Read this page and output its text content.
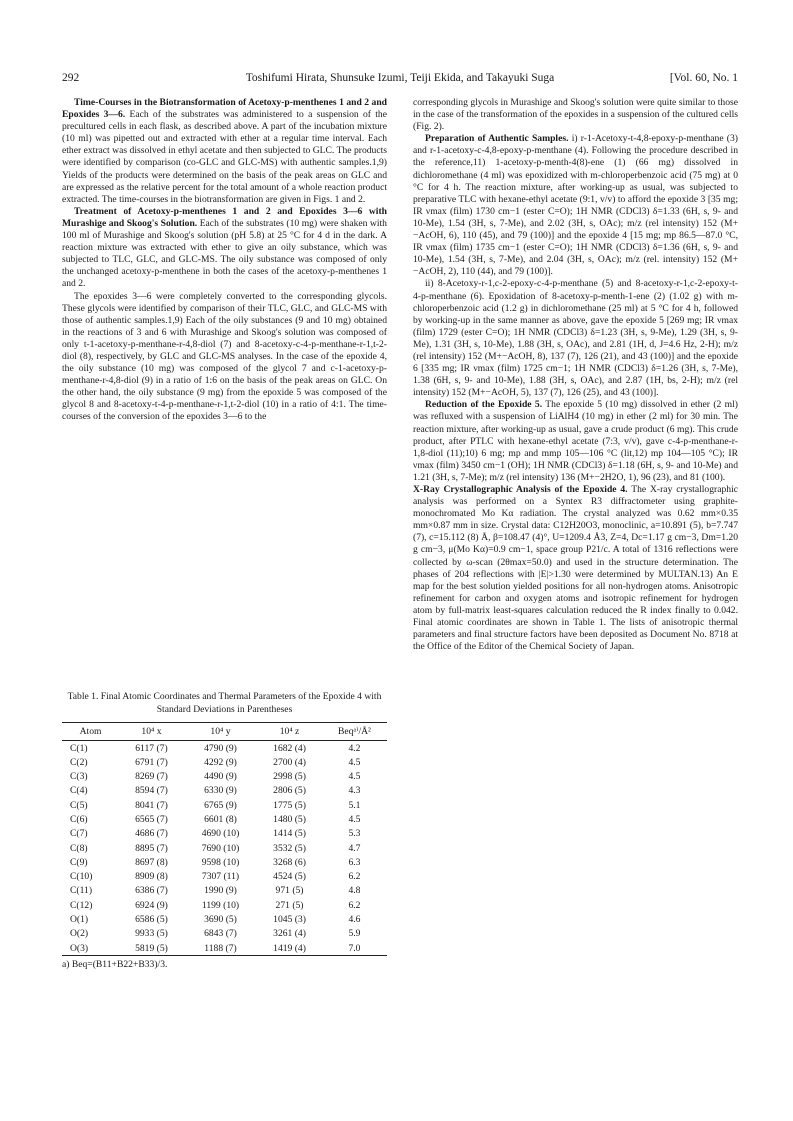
292	Toshifumi Hirata, Shunsuke Izumi, Teiji Ekida, and Takayuki Suga	[Vol. 60, No. 1

Time-Courses in the Biotransformation of Acetoxy-p-menthenes 1 and 2 and Epoxides 3—6. Each of the substrates was administered to a suspension of the precultured cells in each flask, as described above. A part of the incubation mixture (10 ml) was pipetted out and extracted with ether at a regular time interval. Each ether extract was dissolved in ethyl acetate and then subjected to GLC. The products were identified by comparison (co-GLC and GLC-MS) with authentic samples.1,9) Yields of the products were determined on the basis of the peak areas on GLC and are expressed as the relative percent for the total amount of a whole reaction product extracted. The time-courses in the biotransformation are given in Figs. 1 and 2.

Treatment of Acetoxy-p-menthenes 1 and 2 and Epoxides 3—6 with Murashige and Skoog's Solution. Each of the substrates (10 mg) were shaken with 100 ml of Murashige and Skoog's solution (pH 5.8) at 25 °C for 4 d in the dark. A reaction mixture was extracted with ether to give an oily substance, which was subjected to TLC, GLC, and GLC-MS. The oily substance was composed of only the unchanged acetoxy-p-menthene in both the cases of the acetoxy-p-menthenes 1 and 2.

The epoxides 3—6 were completely converted to the corresponding glycols. These glycols were identified by comparison of their TLC, GLC, and GLC-MS with those of authentic samples.1,9) Each of the oily substances (9 and 10 mg) obtained in the reactions of 3 and 6 with Murashige and Skoog's solution was composed of only t-1-acetoxy-p-menthane-r-4,8-diol (7) and 8-acetoxy-c-4-p-menthane-r-1,t-2-diol (8), respectively, by GLC and GLC-MS analyses. In the case of the epoxide 4, the oily substance (10 mg) was composed of the glycol 7 and c-1-acetoxy-p-menthane-r-4,8-diol (9) in a ratio of 1:6 on the basis of the peak areas on GLC. On the other hand, the oily substance (9 mg) from the epoxide 5 was composed of the glycol 8 and 8-acetoxy-t-4-p-menthane-r-1,t-2-diol (10) in a ratio of 4:1. The time-courses of the conversion of the epoxides 3—6 to the

corresponding glycols in Murashige and Skoog's solution were quite similar to those in the case of the transformation of the epoxides in a suspension of the cultured cells (Fig. 2).

Preparation of Authentic Samples. i) r-1-Acetoxy-t-4,8-epoxy-p-menthane (3) and r-1-acetoxy-c-4,8-epoxy-p-menthane (4). Following the procedure described in the reference,11) 1-acetoxy-p-menth-4(8)-ene (1) (66 mg) dissolved in dichloromethane (4 ml) was epoxidized with m-chloroperbenzoic acid (75 mg) at 0 °C for 4 h. The reaction mixture, after working-up as usual, was subjected to preparative TLC with hexane-ethyl acetate (9:1, v/v) to afford the epoxide 3 [35 mg; IR νmax (film) 1730 cm−1 (ester C=O); 1H NMR (CDCl3) δ=1.33 (6H, s, 9- and 10-Me), 1.54 (3H, s, 7-Me), and 2.02 (3H, s, OAc); m/z (rel intensity) 152 (M+−AcOH, 6), 110 (45), and 79 (100)] and the epoxide 4 [15 mg; mp 86.5—87.0 °C, IR νmax (film) 1735 cm−1 (ester C=O); 1H NMR (CDCl3) δ=1.36 (6H, s, 9- and 10-Me), 1.54 (3H, s, 7-Me), and 2.04 (3H, s, OAc); m/z (rel. intensity) 152 (M+−AcOH, 2), 110 (44), and 79 (100)].

ii) 8-Acetoxy-r-1,c-2-epoxy-c-4-p-menthane (5) and 8-acetoxy-r-1,c-2-epoxy-t-4-p-menthane (6). Epoxidation of 8-acetoxy-p-menth-1-ene (2) (1.02 g) with m-chloroperbenzoic acid (1.2 g) in dichloromethane (25 ml) at 5 °C for 4 h, followed by working-up in the same manner as above, gave the epoxide 5 [269 mg; IR νmax (film) 1729 (ester C=O); 1H NMR (CDCl3) δ=1.23 (3H, s, 9-Me), 1.29 (3H, s, 9-Me), 1.31 (3H, s, 10-Me), 1.88 (3H, s, OAc), and 2.81 (1H, d, J=4.6 Hz, 2-H); m/z (rel intensity) 152 (M+−AcOH, 8), 137 (7), 126 (21), and 43 (100)] and the epoxide 6 [335 mg; IR νmax (film) 1725 cm−1; 1H NMR (CDCl3) δ=1.26 (3H, s, 7-Me), 1.38 (6H, s, 9- and 10-Me), 1.88 (3H, s, OAc), and 2.87 (1H, bs, 2-H); m/z (rel intensity) 152 (M+−AcOH, 5), 137 (7), 126 (25), and 43 (100)].

Reduction of the Epoxide 5. The epoxide 5 (10 mg) dissolved in ether (2 ml) was refluxed with a suspension of LiAlH4 (10 mg) in ether (2 ml) for 30 min. The reaction mixture, after working-up as usual, gave a crude product (6 mg). This crude product, after PTLC with hexane-ethyl acetate (7:3, v/v), gave c-4-p-menthane-r-1,8-diol (11);10) 6 mg; mp and mmp 105—106 °C (lit,12) mp 104—105 °C); IR νmax (film) 3450 cm−1 (OH); 1H NMR (CDCl3) δ=1.18 (6H, s, 9- and 10-Me) and 1.21 (3H, s, 7-Me); m/z (rel intensity) 136 (M+−2H2O, 1), 96 (23), and 81 (100).

X-Ray Crystallographic Analysis of the Epoxide 4. The X-ray crystallographic analysis was performed on a Syntex R3 diffractometer using graphite-monochromated Mo Kα radiation. The crystal analyzed was 0.62 mm×0.35 mm×0.87 mm in size. Crystal data: C12H20O3, monoclinic, a=10.891 (5), b=7.747 (7), c=15.112 (8) Å, β=108.47 (4)°, U=1209.4 Å3, Z=4, Dc=1.17 g cm−3, Dm=1.20 g cm−3, μ(Mo Kα)=0.9 cm−1, space group P21/c. A total of 1316 reflections were collected by ω-scan (2θmax=50.0) and used in the structure determination. The phases of 204 reflections with |E|>1.30 were determined by MULTAN.13) An E map for the best solution yielded positions for all non-hydrogen atoms. Anisotropic refinement for carbon and oxygen atoms and isotropic refinement for hydrogen atom by full-matrix least-squares calculation reduced the R index finally to 0.042. Final atomic coordinates are shown in Table 1. The lists of anisotropic thermal parameters and final structure factors have been deposited as Document No. 8718 at the Office of the Editor of the Chemical Society of Japan.

Table 1. Final Atomic Coordinates and Thermal Parameters of the Epoxide 4 with Standard Deviations in Parentheses
Atom	10⁴ x	10⁴ y	10⁴ z	Beqᵃ⁾/Å²
C(1)	6117 (7)	4790 (9)	1682 (4)	4.2
C(2)	6791 (7)	4292 (9)	2700 (4)	4.5
C(3)	8269 (7)	4490 (9)	2998 (5)	4.5
C(4)	8594 (7)	6330 (9)	2806 (5)	4.3
C(5)	8041 (7)	6765 (9)	1775 (5)	5.1
C(6)	6565 (7)	6601 (8)	1480 (5)	4.5
C(7)	4686 (7)	4690 (10)	1414 (5)	5.3
C(8)	8895 (7)	7690 (10)	3532 (5)	4.7
C(9)	8697 (8)	9598 (10)	3268 (6)	6.3
C(10)	8909 (8)	7307 (11)	4524 (5)	6.2
C(11)	6386 (7)	1990 (9)	971 (5)	4.8
C(12)	6924 (9)	1199 (10)	271 (5)	6.2
O(1)	6586 (5)	3690 (5)	1045 (3)	4.6
O(2)	9933 (5)	6843 (7)	3261 (4)	5.9
O(3)	5819 (5)	1188 (7)	1419 (4)	7.0
a) Beq=(B11+B22+B33)/3.
